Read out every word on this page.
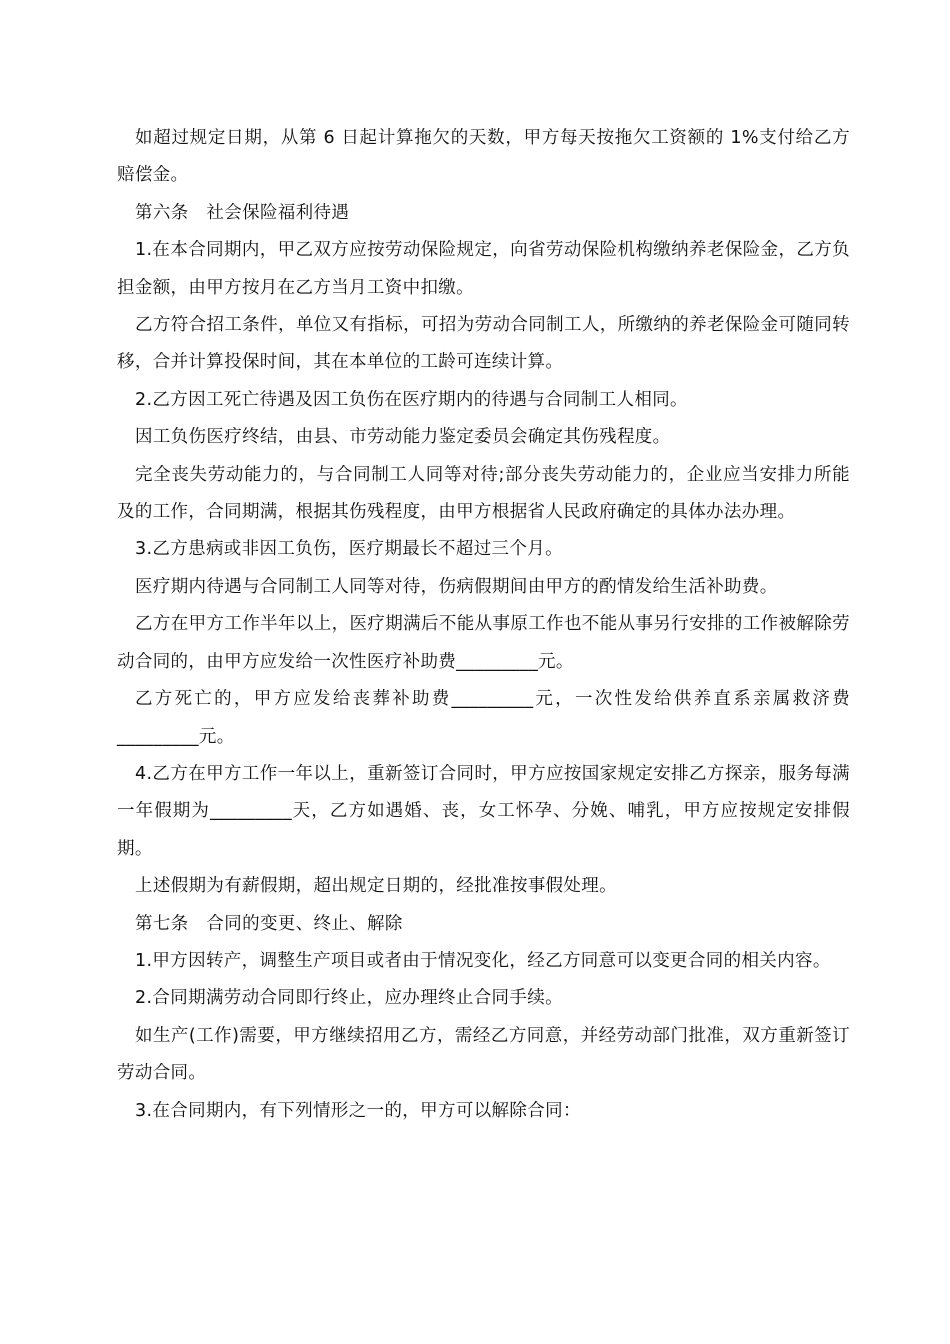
如超过规定日期，从第 6 日起计算拖欠的天数，甲方每天按拖欠工资额的 1%支付给乙方赔偿金。

第六条　社会保险福利待遇

1.在本合同期内，甲乙双方应按劳动保险规定，向省劳动保险机构缴纳养老保险金，乙方负担金额，由甲方按月在乙方当月工资中扣缴。

乙方符合招工条件，单位又有指标，可招为劳动合同制工人，所缴纳的养老保险金可随同转移，合并计算投保时间，其在本单位的工龄可连续计算。

2.乙方因工死亡待遇及因工负伤在医疗期内的待遇与合同制工人相同。

因工负伤医疗终结，由县、市劳动能力鉴定委员会确定其伤残程度。

完全丧失劳动能力的，与合同制工人同等对待;部分丧失劳动能力的，企业应当安排力所能及的工作，合同期满，根据其伤残程度，由甲方根据省人民政府确定的具体办法办理。

3.乙方患病或非因工负伤，医疗期最长不超过三个月。

医疗期内待遇与合同制工人同等对待，伤病假期间由甲方的酌情发给生活补助费。

乙方在甲方工作半年以上，医疗期满后不能从事原工作也不能从事另行安排的工作被解除劳动合同的，由甲方应发给一次性医疗补助费_________元。

乙方死亡的，甲方应发给丧葬补助费_________元，一次性发给供养直系亲属救济费_________元。

4.乙方在甲方工作一年以上，重新签订合同时，甲方应按国家规定安排乙方探亲，服务每满一年假期为_________天，乙方如遇婚、丧，女工怀孕、分娩、哺乳，甲方应按规定安排假期。

上述假期为有薪假期，超出规定日期的，经批准按事假处理。

第七条　合同的变更、终止、解除

1.甲方因转产，调整生产项目或者由于情况变化，经乙方同意可以变更合同的相关内容。

2.合同期满劳动合同即行终止，应办理终止合同手续。

如生产(工作)需要，甲方继续招用乙方，需经乙方同意，并经劳动部门批准，双方重新签订劳动合同。

3.在合同期内，有下列情形之一的，甲方可以解除合同：
